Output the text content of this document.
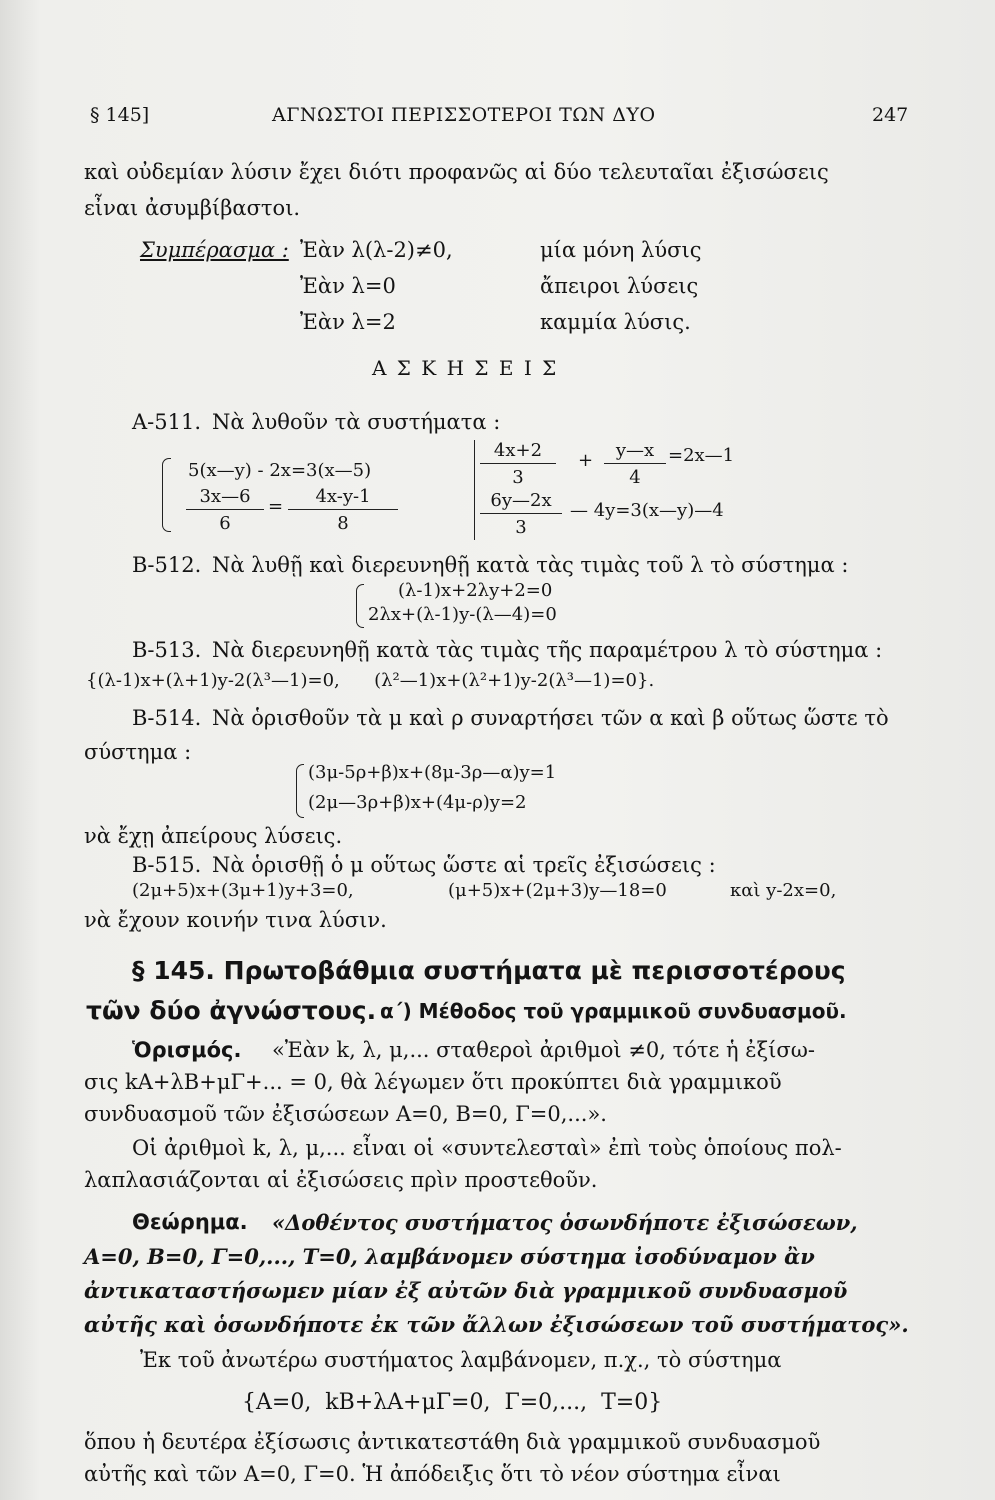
§ 145]	ΑΓΝΩΣΤΟΙ ΠΕΡΙΣΣΟΤΕΡΟΙ ΤΩΝ ΔΥΟ	247
καὶ οὐδεμίαν λύσιν ἔχει διότι προφανῶς αἱ δύο τελευταῖαι ἐξισώσεις
εἶναι ἀσυμβίβαστοι.
Συμπέρασμα : Ἐὰν λ(λ-2)≠0,	μία μόνη λύσις
Ἐὰν λ=0	ἄπειροι λύσεις
Ἐὰν λ=2	καμμία λύσις.
Α Σ Κ Η Σ Ε Ι Σ
Α-511. Νὰ λυθοῦν τὰ συστήματα :
5(x—y) - 2x=3(x—5)
$\frac{3x—6}{6} = \frac{4x-y-1}{8}$
$\frac{4x+2}{3} + \frac{y—x}{4}$ =2x—1
$\frac{6y—2x}{3}$ — 4y=3(x—y)—4
Β-512. Νὰ λυθῇ καὶ διερευνηθῇ κατὰ τὰς τιμὰς τοῦ λ τὸ σύστημα :
(λ-1)x+2λy+2=0
2λx+(λ-1)y-(λ—4)=0
Β-513. Νὰ διερευνηθῇ κατὰ τὰς τιμὰς τῆς παραμέτρου λ τὸ σύστημα :
{(λ-1)x+(λ+1)y-2(λ³—1)=0,      (λ²—1)x+(λ²+1)y-2(λ³—1)=0}.
Β-514. Νὰ ὁρισθοῦν τὰ μ καὶ ρ συναρτήσει τῶν α καὶ β οὕτως ὥστε τὸ
σύστημα :
(3μ-5ρ+β)x+(8μ-3ρ—α)y=1
(2μ—3ρ+β)x+(4μ-ρ)y=2
νὰ ἔχῃ ἀπείρους λύσεις.
Β-515. Νὰ ὁρισθῇ ὁ μ οὕτως ὥστε αἱ τρεῖς ἐξισώσεις :
(2μ+5)x+(3μ+1)y+3=0,	(μ+5)x+(2μ+3)y—18=0	καὶ y-2x=0,
νὰ ἔχουν κοινήν τινα λύσιν.
§ 145. Πρωτοβάθμια συστήματα μὲ περισσοτέρους
τῶν δύο ἀγνώστους. α΄) Μέθοδος τοῦ γραμμικοῦ συνδυασμοῦ.
Ὁρισμός. «Ἐὰν k, λ, μ,... σταθεροὶ ἀριθμοὶ ≠0, τότε ἡ ἐξίσω-
σις kA+λB+μΓ+... = 0, θὰ λέγωμεν ὅτι προκύπτει διὰ γραμμικοῦ
συνδυασμοῦ τῶν ἐξισώσεων A=0, B=0, Γ=0,...».
Οἱ ἀριθμοὶ k, λ, μ,... εἶναι οἱ «συντελεσταὶ» ἐπὶ τοὺς ὁποίους πολ-
λαπλασιάζονται αἱ ἐξισώσεις πρὶν προστεθοῦν.
Θεώρημα. «Δοθέντος συστήματος ὁσωνδήποτε ἐξισώσεων,
A=0, B=0, Γ=0,..., T=0, λαμβάνομεν σύστημα ἰσοδύναμον ἂν
ἀντικαταστήσωμεν μίαν ἐξ αὐτῶν διὰ γραμμικοῦ συνδυασμοῦ
αὐτῆς καὶ ὁσωνδήποτε ἐκ τῶν ἄλλων ἐξισώσεων τοῦ συστήματος».
Ἐκ τοῦ ἀνωτέρω συστήματος λαμβάνομεν, π.χ., τὸ σύστημα
{A=0,  kB+λA+μΓ=0,  Γ=0,...,  T=0}
ὅπου ἡ δευτέρα ἐξίσωσις ἀντικατεστάθη διὰ γραμμικοῦ συνδυασμοῦ
αὐτῆς καὶ τῶν A=0, Γ=0. Ἡ ἀπόδειξις ὅτι τὸ νέον σύστημα εἶναι
